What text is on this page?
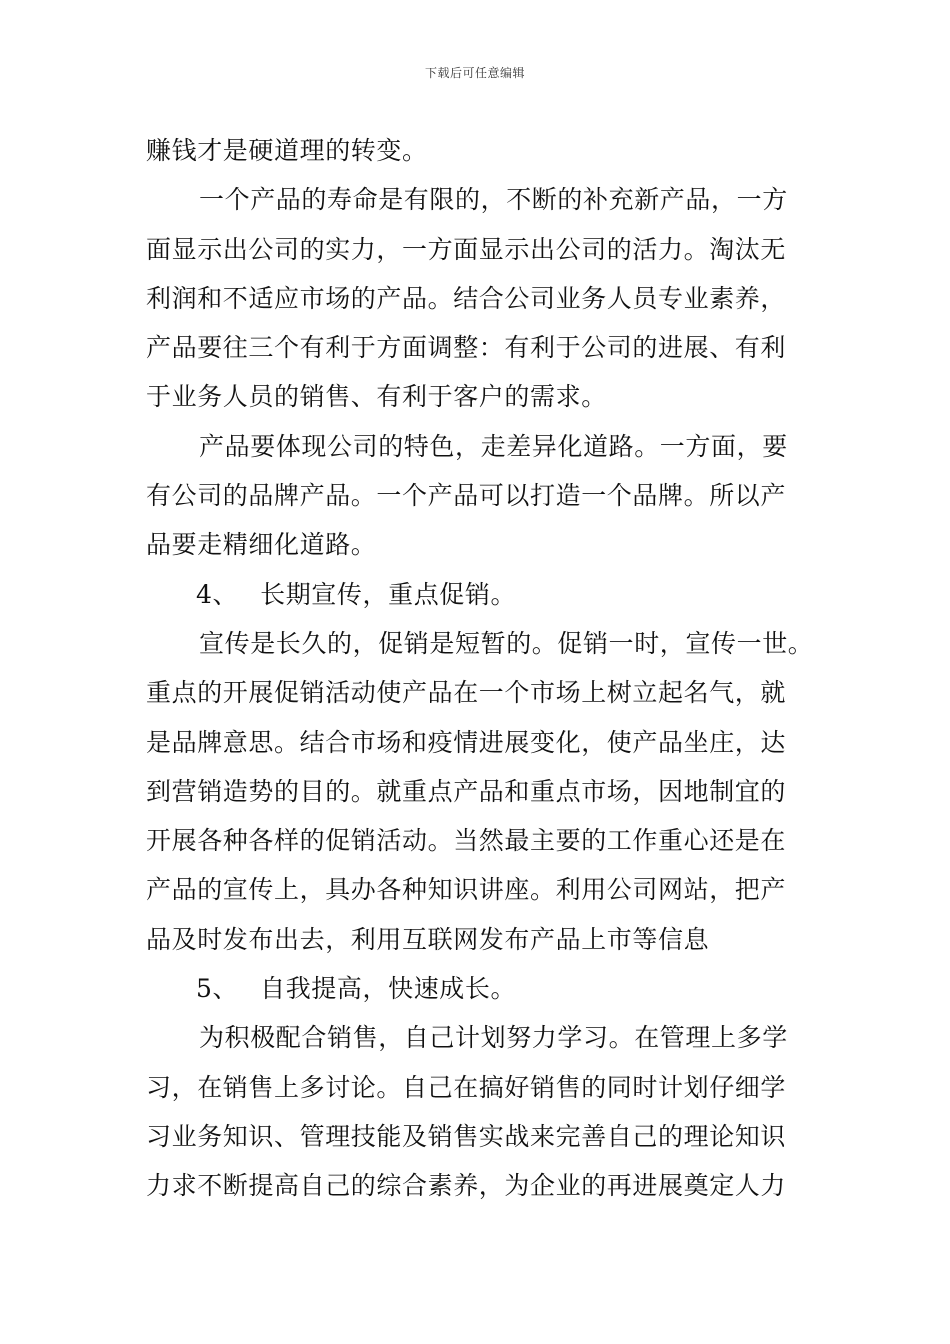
下载后可任意编辑
赚钱才是硬道理的转变。
一个产品的寿命是有限的，不断的补充新产品，一方
面显示出公司的实力，一方面显示出公司的活力。淘汰无
利润和不适应市场的产品。结合公司业务人员专业素养，
产品要往三个有利于方面调整：有利于公司的进展、有利
于业务人员的销售、有利于客户的需求。
产品要体现公司的特色，走差异化道路。一方面，要
有公司的品牌产品。一个产品可以打造一个品牌。所以产
品要走精细化道路。
4、 长期宣传，重点促销。
宣传是长久的，促销是短暂的。促销一时，宣传一世。
重点的开展促销活动使产品在一个市场上树立起名气，就
是品牌意思。结合市场和疫情进展变化，使产品坐庄，达
到营销造势的目的。就重点产品和重点市场，因地制宜的
开展各种各样的促销活动。当然最主要的工作重心还是在
产品的宣传上，具办各种知识讲座。利用公司网站，把产
品及时发布出去，利用互联网发布产品上市等信息
5、 自我提高，快速成长。
为积极配合销售，自己计划努力学习。在管理上多学
习，在销售上多讨论。自己在搞好销售的同时计划仔细学
习业务知识、管理技能及销售实战来完善自己的理论知识
力求不断提高自己的综合素养，为企业的再进展奠定人力
